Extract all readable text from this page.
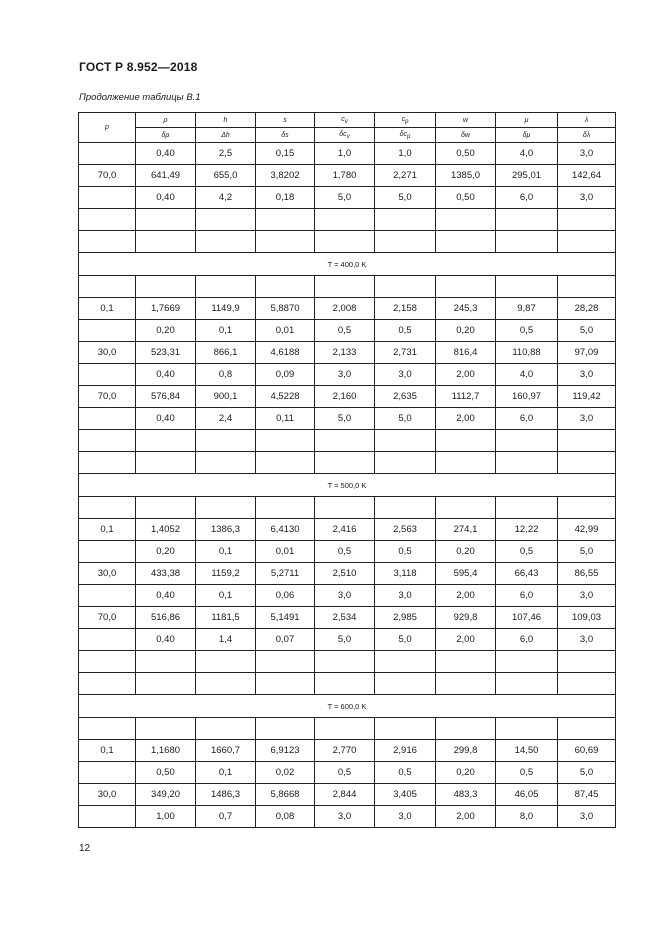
ГОСТ Р 8.952—2018
Продолжение таблицы В.1
p	ρ	h	s	$c_v$	$c_p$	w	μ	λ
	δρ	Δh	δs	$\delta c_v$	$\delta c_p$	δw	δμ	δλ
	0,40	2,5	0,15	1,0	1,0	0,50	4,0	3,0
70,0	641,49	655,0	3,8202	1,780	2,271	1385,0	295,01	142,64
	0,40	4,2	0,18	5,0	5,0	0,50	6,0	3,0

T = 400,0 K								

0,1	1,7669	1149,9	5,8870	2,008	2,158	245,3	9,87	28,28
	0,20	0,1	0,01	0,5	0,5	0,20	0,5	5,0
30,0	523,31	866,1	4,6188	2,133	2,731	816,4	110,88	97,09
	0,40	0,8	0,09	3,0	3,0	2,00	4,0	3,0
70,0	576,84	900,1	4,5228	2,160	2,635	1112,7	160,97	119,42
	0,40	2,4	0,11	5,0	5,0	2,00	6,0	3,0

T = 500,0 K								

0,1	1,4052	1386,3	6,4130	2,416	2,563	274,1	12,22	42,99
	0,20	0,1	0,01	0,5	0,5	0,20	0,5	5,0
30,0	433,38	1159,2	5,2711	2,510	3,118	595,4	66,43	86,55
	0,40	0,1	0,06	3,0	3,0	2,00	6,0	3,0
70,0	516,86	1181,5	5,1491	2,534	2,985	929,8	107,46	109,03
	0,40	1,4	0,07	5,0	5,0	2,00	6,0	3,0

T = 600,0 K								

0,1	1,1680	1660,7	6,9123	2,770	2,916	299,8	14,50	60,69
	0,50	0,1	0,02	0,5	0,5	0,20	0,5	5,0
30,0	349,20	1486,3	5,8668	2,844	3,405	483,3	46,05	87,45
	1,00	0,7	0,08	3,0	3,0	2,00	8,0	3,0
12
